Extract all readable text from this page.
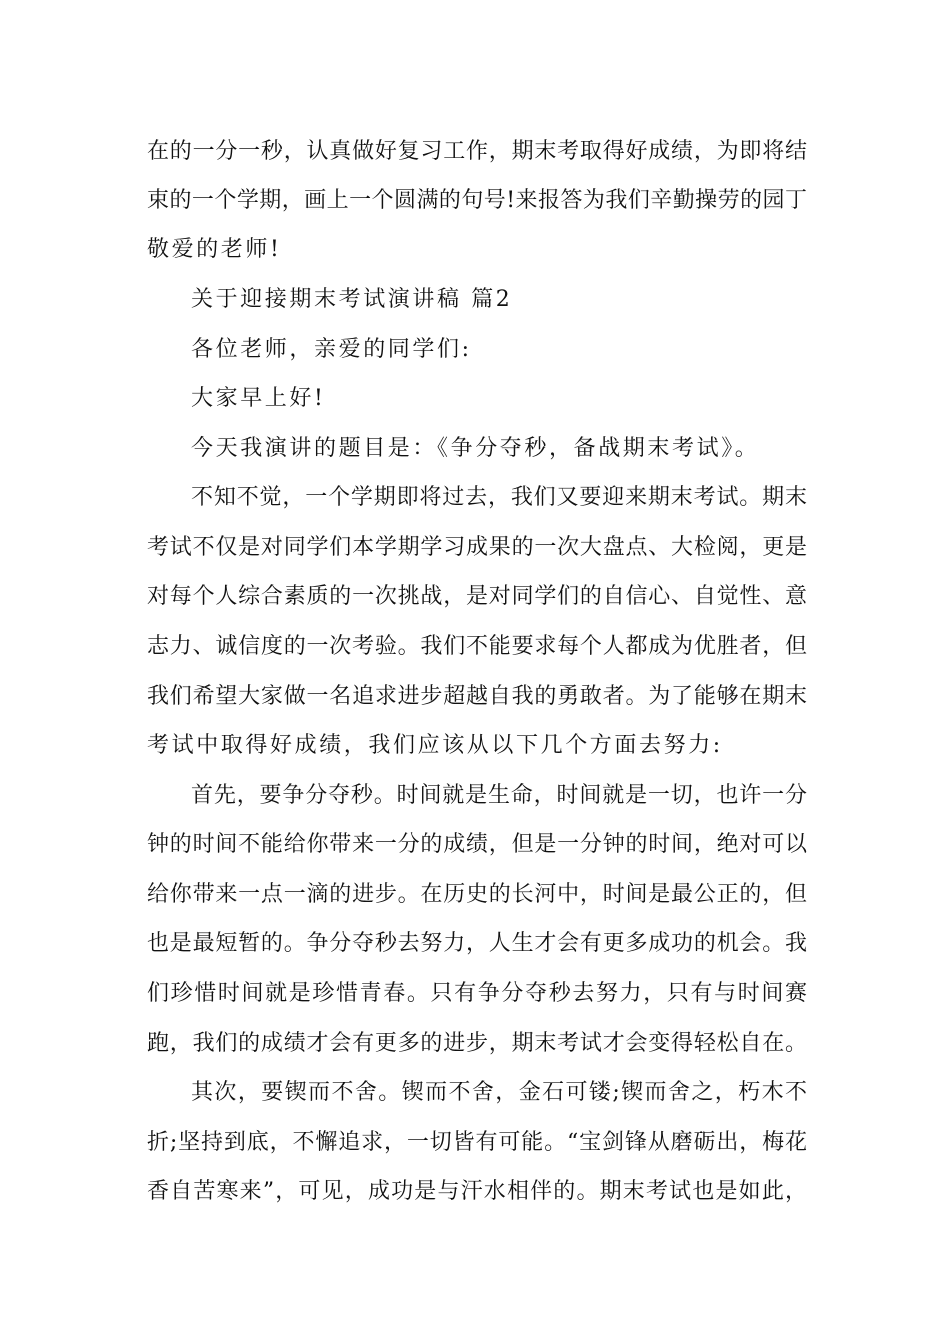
在的一分一秒，认真做好复习工作，期末考取得好成绩，为即将结
束的一个学期，画上一个圆满的句号!来报答为我们辛勤操劳的园丁
敬爱的老师!
关于迎接期末考试演讲稿 篇2
各位老师，亲爱的同学们:
大家早上好!
今天我演讲的题目是：《争分夺秒，备战期末考试》。
不知不觉，一个学期即将过去，我们又要迎来期末考试。期末
考试不仅是对同学们本学期学习成果的一次大盘点、大检阅，更是
对每个人综合素质的一次挑战，是对同学们的自信心、自觉性、意
志力、诚信度的一次考验。我们不能要求每个人都成为优胜者，但
我们希望大家做一名追求进步超越自我的勇敢者。为了能够在期末
考试中取得好成绩，我们应该从以下几个方面去努力:
首先，要争分夺秒。时间就是生命，时间就是一切，也许一分
钟的时间不能给你带来一分的成绩，但是一分钟的时间，绝对可以
给你带来一点一滴的进步。在历史的长河中，时间是最公正的，但
也是最短暂的。争分夺秒去努力，人生才会有更多成功的机会。我
们珍惜时间就是珍惜青春。只有争分夺秒去努力，只有与时间赛
跑，我们的成绩才会有更多的进步，期末考试才会变得轻松自在。
其次，要锲而不舍。锲而不舍，金石可镂;锲而舍之，朽木不
折;坚持到底，不懈追求，一切皆有可能。“宝剑锋从磨砺出，梅花
香自苦寒来”，可见，成功是与汗水相伴的。期末考试也是如此，
